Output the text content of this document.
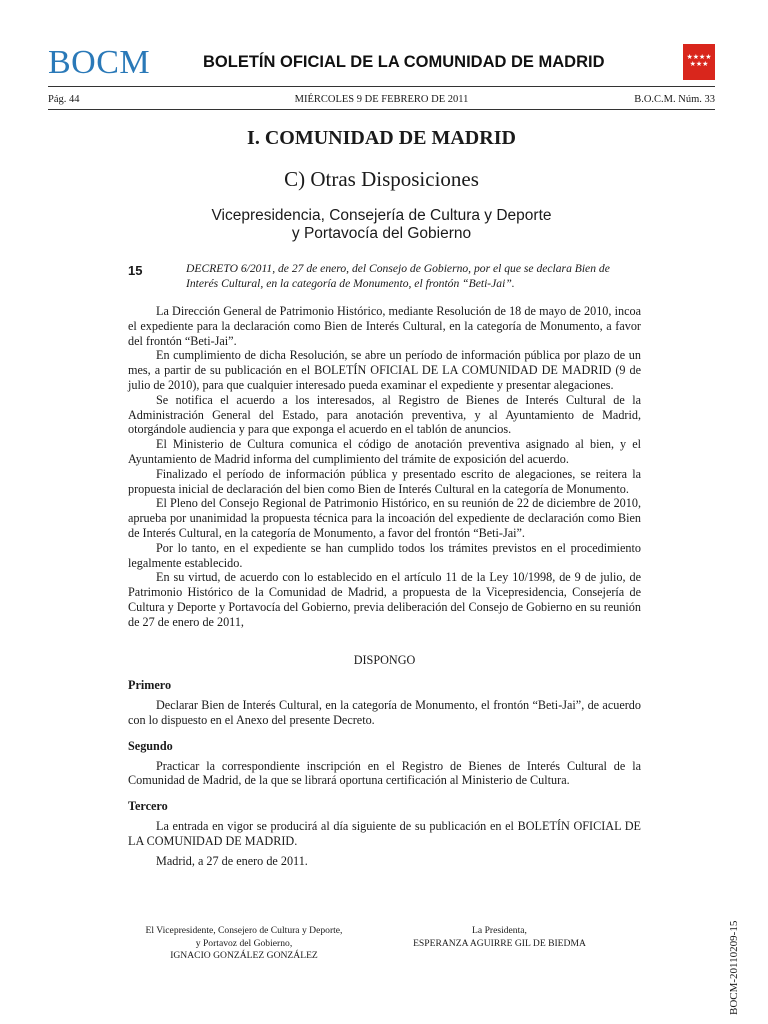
BOCM	BOLETÍN OFICIAL DE LA COMUNIDAD DE MADRID	★★★★ ★★★
Pág. 44	MIÉRCOLES 9 DE FEBRERO DE 2011	B.O.C.M. Núm. 33
I. COMUNIDAD DE MADRID
C) Otras Disposiciones
Vicepresidencia, Consejería de Cultura y Deporte
y Portavocía del Gobierno
15	DECRETO 6/2011, de 27 de enero, del Consejo de Gobierno, por el que se declara Bien de Interés Cultural, en la categoría de Monumento, el frontón “Beti-Jai”.

La Dirección General de Patrimonio Histórico, mediante Resolución de 18 de mayo de 2010, incoa el expediente para la declaración como Bien de Interés Cultural, en la categoría de Monumento, a favor del frontón “Beti-Jai”.

En cumplimiento de dicha Resolución, se abre un período de información pública por plazo de un mes, a partir de su publicación en el BOLETÍN OFICIAL DE LA COMUNIDAD DE MADRID (9 de julio de 2010), para que cualquier interesado pueda examinar el expediente y presentar alegaciones.

Se notifica el acuerdo a los interesados, al Registro de Bienes de Interés Cultural de la Administración General del Estado, para anotación preventiva, y al Ayuntamiento de Madrid, otorgándole audiencia y para que exponga el acuerdo en el tablón de anuncios.

El Ministerio de Cultura comunica el código de anotación preventiva asignado al bien, y el Ayuntamiento de Madrid informa del cumplimiento del trámite de exposición del acuerdo.

Finalizado el período de información pública y presentado escrito de alegaciones, se reitera la propuesta inicial de declaración del bien como Bien de Interés Cultural en la categoría de Monumento.

El Pleno del Consejo Regional de Patrimonio Histórico, en su reunión de 22 de diciembre de 2010, aprueba por unanimidad la propuesta técnica para la incoación del expediente de declaración como Bien de Interés Cultural, en la categoría de Monumento, a favor del frontón “Beti-Jai”.

Por lo tanto, en el expediente se han cumplido todos los trámites previstos en el procedimiento legalmente establecido.

En su virtud, de acuerdo con lo establecido en el artículo 11 de la Ley 10/1998, de 9 de julio, de Patrimonio Histórico de la Comunidad de Madrid, a propuesta de la Vicepresidencia, Consejería de Cultura y Deporte y Portavocía del Gobierno, previa deliberación del Consejo de Gobierno en su reunión de 27 de enero de 2011,

DISPONGO

Primero

Declarar Bien de Interés Cultural, en la categoría de Monumento, el frontón “Beti-Jai”, de acuerdo con lo dispuesto en el Anexo del presente Decreto.

Segundo

Practicar la correspondiente inscripción en el Registro de Bienes de Interés Cultural de la Comunidad de Madrid, de la que se librará oportuna certificación al Ministerio de Cultura.

Tercero

La entrada en vigor se producirá al día siguiente de su publicación en el BOLETÍN OFICIAL DE LA COMUNIDAD DE MADRID.

Madrid, a 27 de enero de 2011.

El Vicepresidente, Consejero de Cultura y Deporte,
y Portavoz del Gobierno,
IGNACIO GONZÁLEZ GONZÁLEZ
La Presidenta,
ESPERANZA AGUIRRE GIL DE BIEDMA	BOCM-20110209-15
